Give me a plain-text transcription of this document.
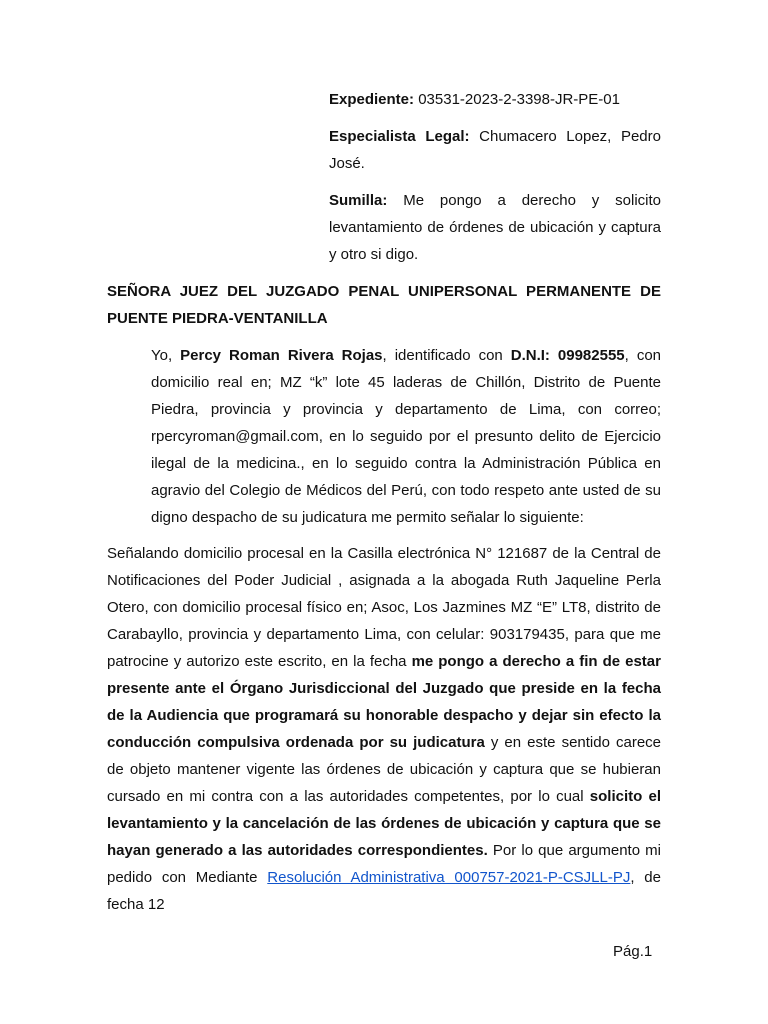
Expediente: 03531-2023-2-3398-JR-PE-01

Especialista Legal: Chumacero Lopez, Pedro José.

Sumilla: Me pongo a derecho y solicito levantamiento de órdenes de ubicación y captura y otro si digo.

SEÑORA JUEZ DEL JUZGADO PENAL UNIPERSONAL PERMANENTE DE PUENTE PIEDRA-VENTANILLA

Yo, Percy Roman Rivera Rojas, identificado con D.N.I: 09982555, con domicilio real en; MZ “k” lote 45 laderas de Chillón, Distrito de Puente Piedra, provincia y provincia y departamento de Lima, con correo; rpercyroman@gmail.com, en lo seguido por el presunto delito de Ejercicio ilegal de la medicina., en lo seguido contra la Administración Pública en agravio del Colegio de Médicos del Perú, con todo respeto ante usted de su digno despacho de su judicatura me permito señalar lo siguiente:

Señalando domicilio procesal en la Casilla electrónica N° 121687 de la Central de Notificaciones del Poder Judicial , asignada a la abogada Ruth Jaqueline Perla Otero, con domicilio procesal físico en; Asoc, Los Jazmines MZ “E” LT8, distrito de Carabayllo, provincia y departamento Lima, con celular: 903179435, para que me patrocine y autorizo este escrito, en la fecha me pongo a derecho a fin de estar presente ante el Órgano Jurisdiccional del Juzgado que preside en la fecha de la Audiencia que programará su honorable despacho y dejar sin efecto la conducción compulsiva ordenada por su judicatura y en este sentido carece de objeto mantener vigente las órdenes de ubicación y captura que se hubieran cursado en mi contra con a las autoridades competentes, por lo cual solicito el levantamiento y la cancelación de las órdenes de ubicación y captura que se hayan generado a las autoridades correspondientes. Por lo que argumento mi pedido con Mediante Resolución Administrativa 000757-2021-P-CSJLL-PJ, de fecha 12

Pág.1
